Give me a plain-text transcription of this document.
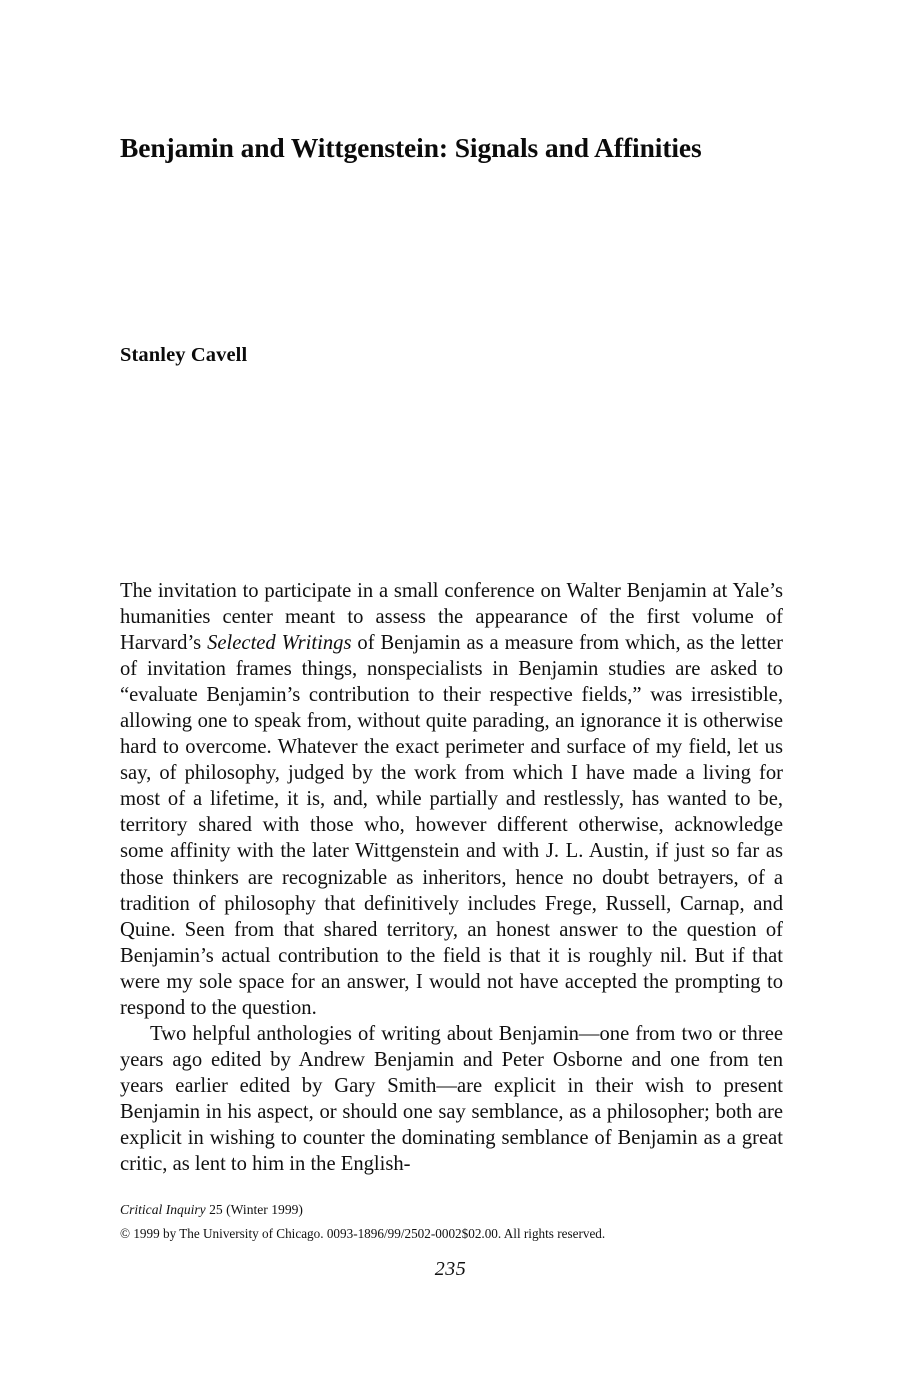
Benjamin and Wittgenstein: Signals and Affinities
Stanley Cavell

The invitation to participate in a small conference on Walter Benjamin at Yale’s humanities center meant to assess the appearance of the first volume of Harvard’s Selected Writings of Benjamin as a measure from which, as the letter of invitation frames things, nonspecialists in Benjamin studies are asked to “evaluate Benjamin’s contribution to their respective fields,” was irresistible, allowing one to speak from, without quite parading, an ignorance it is otherwise hard to overcome. Whatever the exact perimeter and surface of my field, let us say, of philosophy, judged by the work from which I have made a living for most of a lifetime, it is, and, while partially and restlessly, has wanted to be, territory shared with those who, however different otherwise, acknowledge some affinity with the later Wittgenstein and with J. L. Austin, if just so far as those thinkers are recognizable as inheritors, hence no doubt betrayers, of a tradition of philosophy that definitively includes Frege, Russell, Carnap, and Quine. Seen from that shared territory, an honest answer to the question of Benjamin’s actual contribution to the field is that it is roughly nil. But if that were my sole space for an answer, I would not have accepted the prompting to respond to the question.

Two helpful anthologies of writing about Benjamin—one from two or three years ago edited by Andrew Benjamin and Peter Osborne and one from ten years earlier edited by Gary Smith—are explicit in their wish to present Benjamin in his aspect, or should one say semblance, as a philosopher; both are explicit in wishing to counter the dominating semblance of Benjamin as a great critic, as lent to him in the English-

Critical Inquiry 25 (Winter 1999)
© 1999 by The University of Chicago. 0093-1896/99/2502-0002$02.00. All rights reserved.
235
